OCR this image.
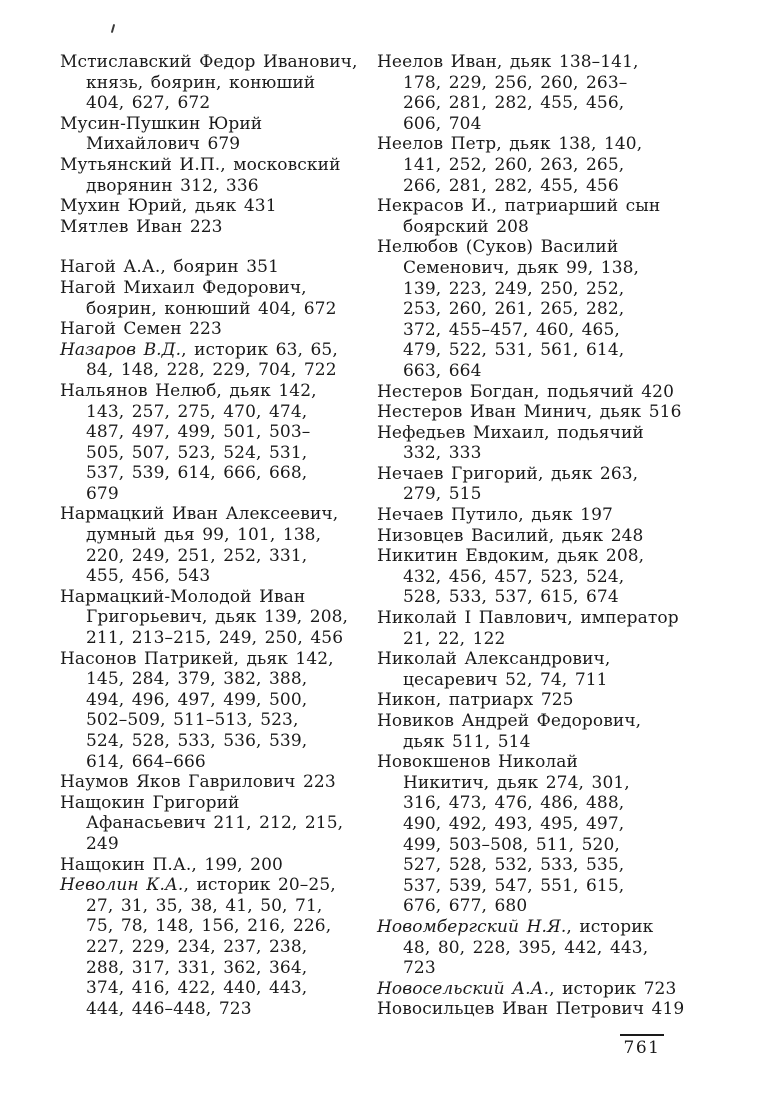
Мстиславский Федор Иванович,
князь, боярин, конюший
404, 627, 672
Мусин-Пушкин Юрий
Михайлович 679
Мутьянский И.П., московский
дворянин 312, 336
Мухин Юрий, дьяк 431
Мятлев Иван 223
Нагой А.А., боярин 351
Нагой Михаил Федорович,
боярин, конюший 404, 672
Нагой Семен 223
Назаров В.Д., историк 63, 65,
84, 148, 228, 229, 704, 722
Нальянов Нелюб, дьяк 142,
143, 257, 275, 470, 474,
487, 497, 499, 501, 503–
505, 507, 523, 524, 531,
537, 539, 614, 666, 668,
679
Нармацкий Иван Алексеевич,
думный дья 99, 101, 138,
220, 249, 251, 252, 331,
455, 456, 543
Нармацкий-Молодой Иван
Григорьевич, дьяк 139, 208,
211, 213–215, 249, 250, 456
Насонов Патрикей, дьяк 142,
145, 284, 379, 382, 388,
494, 496, 497, 499, 500,
502–509, 511–513, 523,
524, 528, 533, 536, 539,
614, 664–666
Наумов Яков Гаврилович 223
Нащокин Григорий
Афанасьевич 211, 212, 215,
249
Нащокин П.А., 199, 200
Неволин К.А., историк 20–25,
27, 31, 35, 38, 41, 50, 71,
75, 78, 148, 156, 216, 226,
227, 229, 234, 237, 238,
288, 317, 331, 362, 364,
374, 416, 422, 440, 443,
444, 446–448, 723
Неелов Иван, дьяк 138–141,
178, 229, 256, 260, 263–
266, 281, 282, 455, 456,
606, 704
Неелов Петр, дьяк 138, 140,
141, 252, 260, 263, 265,
266, 281, 282, 455, 456
Некрасов И., патриарший сын
боярский 208
Нелюбов (Суков) Василий
Семенович, дьяк 99, 138,
139, 223, 249, 250, 252,
253, 260, 261, 265, 282,
372, 455–457, 460, 465,
479, 522, 531, 561, 614,
663, 664
Нестеров Богдан, подьячий 420
Нестеров Иван Минич, дьяк 516
Нефедьев Михаил, подьячий
332, 333
Нечаев Григорий, дьяк 263,
279, 515
Нечаев Путило, дьяк 197
Низовцев Василий, дьяк 248
Никитин Евдоким, дьяк 208,
432, 456, 457, 523, 524,
528, 533, 537, 615, 674
Николай I Павлович, император
21, 22, 122
Николай Александрович,
цесаревич 52, 74, 711
Никон, патриарх 725
Новиков Андрей Федорович,
дьяк 511, 514
Новокшенов Николай
Никитич, дьяк 274, 301,
316, 473, 476, 486, 488,
490, 492, 493, 495, 497,
499, 503–508, 511, 520,
527, 528, 532, 533, 535,
537, 539, 547, 551, 615,
676, 677, 680
Новомбергский Н.Я., историк
48, 80, 228, 395, 442, 443,
723
Новосельский А.А., историк 723
Новосильцев Иван Петрович 419
761
